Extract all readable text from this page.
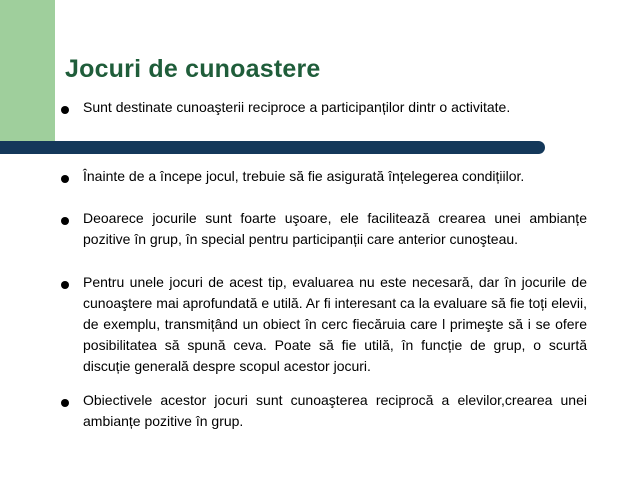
Jocuri de cunoastere

Sunt destinate cunoaşterii reciproce a participanților dintr o activitate.

Înainte de a începe jocul, trebuie să fie asigurată înțelegerea condițiilor.

Deoarece jocurile sunt foarte uşoare, ele facilitează crearea unei ambianțe pozitive în grup, în special pentru participanții care anterior cunoşteau.

Pentru unele jocuri de acest tip, evaluarea nu este necesară, dar în jocurile de cunoaştere mai aprofundată e utilă. Ar fi interesant ca la evaluare să fie toți elevii, de exemplu, transmițând un obiect în cerc fiecăruia care l primeşte să i se ofere posibilitatea să spună ceva. Poate să fie utilă, în funcție de grup, o scurtă discuție generală despre scopul acestor jocuri.

Obiectivele acestor jocuri sunt cunoaşterea reciprocă a elevilor,crearea unei ambianțe pozitive în grup.
